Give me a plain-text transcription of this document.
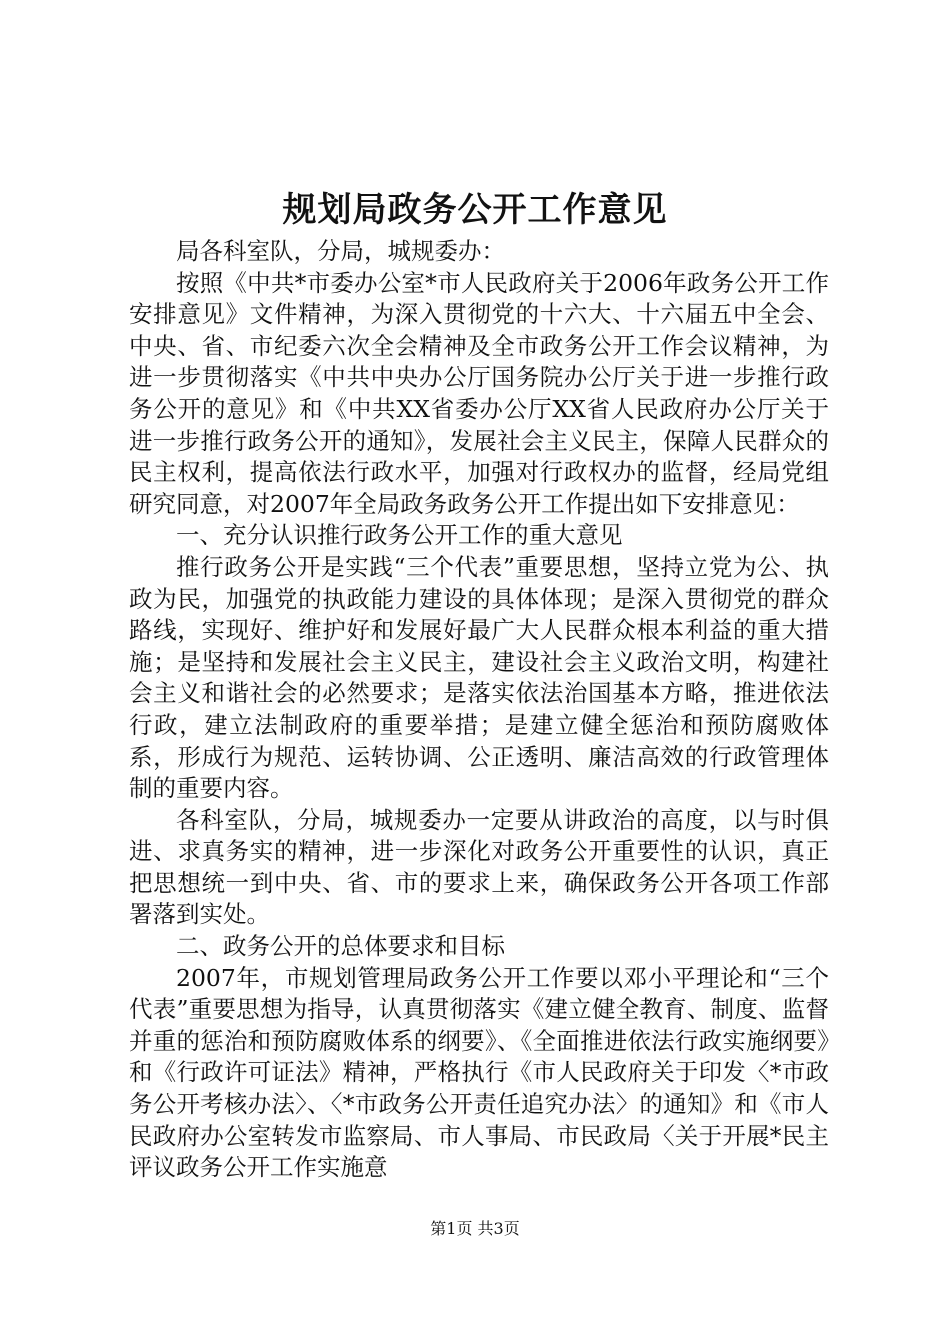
规划局政务公开工作意见

局各科室队，分局，城规委办：

按照《中共*市委办公室*市人民政府关于2006年政务公开工作安排意见》文件精神，为深入贯彻党的十六大、十六届五中全会、中央、省、市纪委六次全会精神及全市政务公开工作会议精神，为进一步贯彻落实《中共中央办公厅国务院办公厅关于进一步推行政务公开的意见》和《中共XX省委办公厅XX省人民政府办公厅关于进一步推行政务公开的通知》，发展社会主义民主，保障人民群众的民主权利，提高依法行政水平，加强对行政权办的监督，经局党组研究同意，对2007年全局政务政务公开工作提出如下安排意见：

一、充分认识推行政务公开工作的重大意见

推行政务公开是实践“三个代表”重要思想，坚持立党为公、执政为民，加强党的执政能力建设的具体体现；是深入贯彻党的群众路线，实现好、维护好和发展好最广大人民群众根本利益的重大措施；是坚持和发展社会主义民主，建设社会主义政治文明，构建社会主义和谐社会的必然要求；是落实依法治国基本方略，推进依法行政，建立法制政府的重要举措；是建立健全惩治和预防腐败体系，形成行为规范、运转协调、公正透明、廉洁高效的行政管理体制的重要内容。

各科室队，分局，城规委办一定要从讲政治的高度，以与时俱进、求真务实的精神，进一步深化对政务公开重要性的认识，真正把思想统一到中央、省、市的要求上来，确保政务公开各项工作部署落到实处。

二、政务公开的总体要求和目标

2007年，市规划管理局政务公开工作要以邓小平理论和“三个代表”重要思想为指导，认真贯彻落实《建立健全教育、制度、监督并重的惩治和预防腐败体系的纲要》、《全面推进依法行政实施纲要》和《行政许可证法》精神，严格执行《市人民政府关于印发〈*市政务公开考核办法〉、〈*市政务公开责任追究办法〉的通知》和《市人民政府办公室转发市监察局、市人事局、市民政局〈关于开展*民主评议政务公开工作实施意

第1页 共3页
